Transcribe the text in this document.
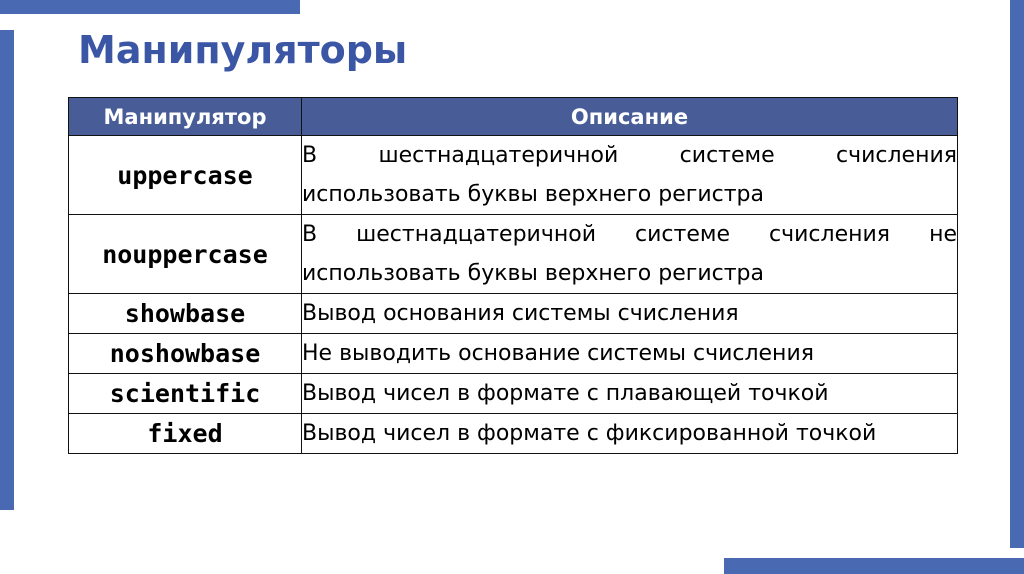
Манипуляторы
Манипулятор	Описание
uppercase	В шестнадцатеричной системе счисления использовать буквы верхнего регистра
nouppercase	В шестнадцатеричной системе счисления не использовать буквы верхнего регистра
showbase	Вывод основания системы счисления
noshowbase	Не выводить основание системы счисления
scientific	Вывод чисел в формате с плавающей точкой
fixed	Вывод чисел в формате с фиксированной точкой
